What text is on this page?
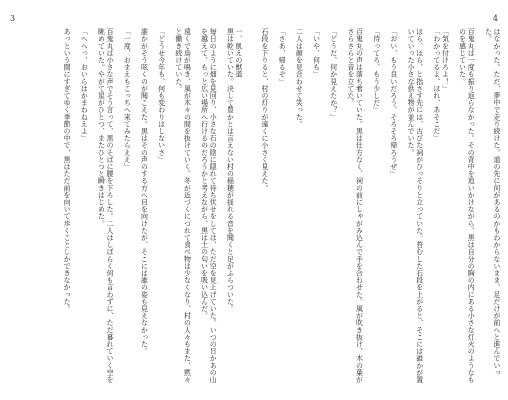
3
一、飢えの獣道
黒は乾いていた。決して豊かとは言えない村の稲穂が揺れる音を聞くと足がふらついた。

毎日のように畑を見回り、小さな石の陰に隠れて待ち伏せをしては、ただ空を見上げていた。いつの日かあの山を越えて、もっと広い場所へ行けるのだろうかと考えながら、黒は土の匂いを吸い込んだ。

遠くで鳥が鳴き、風が木々の間を抜けていく。冬が近づくにつれて食べ物は少なくなり、村の人々もまた、黙々と働き続けていた。

「どうせ今年も、何も変わりはしないさ」

誰かがそう呟くのが聞こえた。黒はその声のする方へ目を向けたが、そこには誰の姿も見えなかった。

「一度、おまえもこっちへ来てみたらええ」

百鬼丸は小さな声でそう言って、黒のそばに腰を下ろした。二人はしばらく何も言わずに、ただ暮れていく空を眺めていた。やがて星がひとつ、またひとつと瞬きはじめた。

「へへっ、おいらはかまわねえよ」

あっという間にすぎてゆく季節の中で、黒はただ前を向いて歩くことしかできなかった。
4
はなかった。ただ、夢中で走り続けた。道の先に何があるのかもわからないまま、足だけが前へと進んでいった。

百鬼丸は一度も振り返らなかった。その背中を追いかけながら、黒は自分の胸の内にある小さな灯火のようなものを感じていた。

「気を付けろよ！」
「わかってるよ、ほれ、あそこだ」

ほら、ほら、と指さす先には、古びた祠がひっそりと立っていた。苔むした石段を上がると、そこには誰かが置いていった小さな供え物が並んでいた。

「おい、もう良いだろう。そろそろ帰ろうぜ」

「待ってろ、もう少しだ」

百鬼丸の声は落ち着いていた。黒は仕方なく、祠の前にしゃがみ込んで手を合わせた。風が吹き抜け、木の葉がさらさらと音を立てた。

「どうだ、何か見えたか？」

「いや、何も」

二人は顔を見合わせて笑った。

「さあ、帰るぞ」

石段を下りると、村の灯りが遠くに小さく見えた。
